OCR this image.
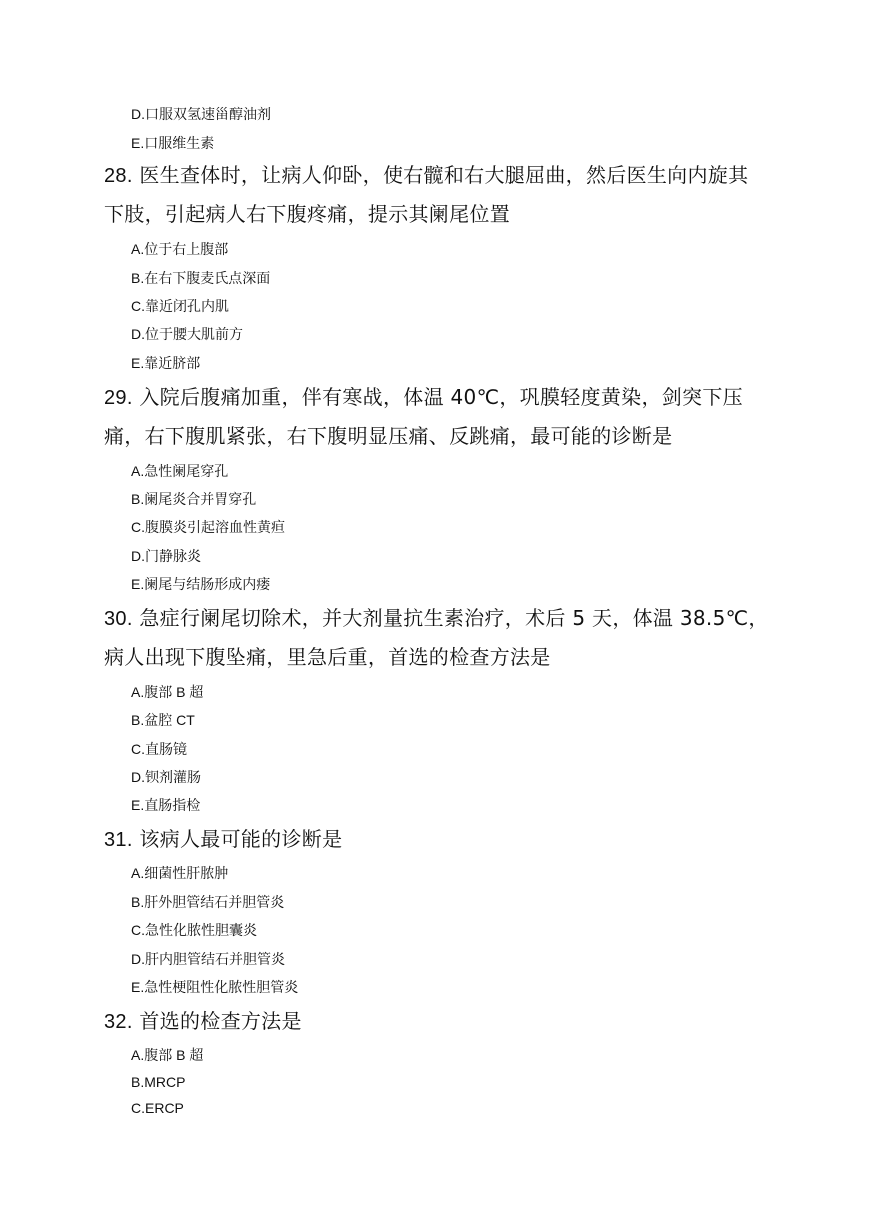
D.口服双氢速甾醇油剂
E.口服维生素
28. 医生查体时，让病人仰卧，使右髋和右大腿屈曲，然后医生向内旋其
下肢，引起病人右下腹疼痛，提示其阑尾位置
A.位于右上腹部
B.在右下腹麦氏点深面
C.靠近闭孔内肌
D.位于腰大肌前方
E.靠近脐部
29. 入院后腹痛加重，伴有寒战，体温 40℃，巩膜轻度黄染，剑突下压
痛，右下腹肌紧张，右下腹明显压痛、反跳痛，最可能的诊断是
A.急性阑尾穿孔
B.阑尾炎合并胃穿孔
C.腹膜炎引起溶血性黄疸
D.门静脉炎
E.阑尾与结肠形成内瘘
30. 急症行阑尾切除术，并大剂量抗生素治疗，术后 5 天，体温 38.5℃，
病人出现下腹坠痛，里急后重，首选的检查方法是
A.腹部 B 超
B.盆腔 CT
C.直肠镜
D.钡剂灌肠
E.直肠指检
31. 该病人最可能的诊断是
A.细菌性肝脓肿
B.肝外胆管结石并胆管炎
C.急性化脓性胆囊炎
D.肝内胆管结石并胆管炎
E.急性梗阻性化脓性胆管炎
32. 首选的检查方法是
A.腹部 B 超
B.MRCP
C.ERCP
